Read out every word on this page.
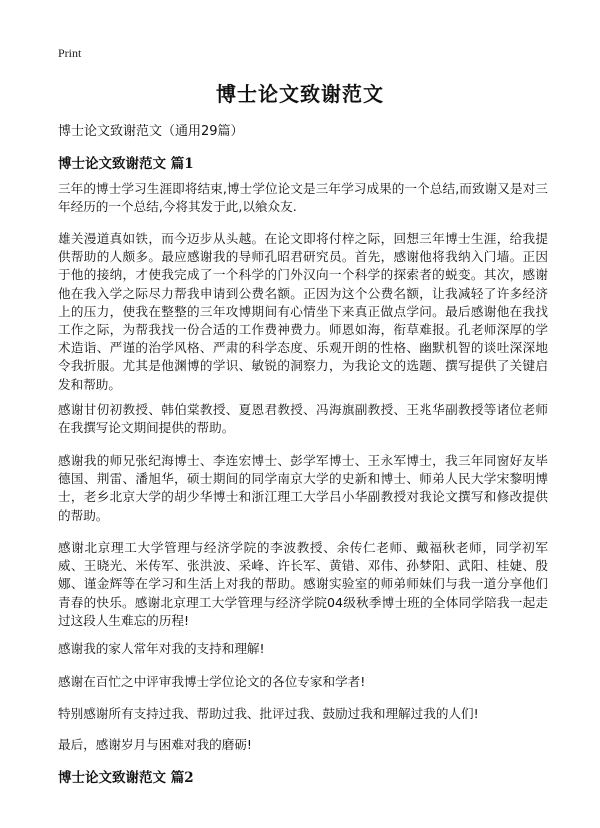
Print
博士论文致谢范文
博士论文致谢范文（通用29篇）
博士论文致谢范文 篇1
三年的博士学习生涯即将结束,博士学位论文是三年学习成果的一个总结,而致谢又是对三年经历的一个总结,今将其发于此,以飨众友.
雄关漫道真如铁，而今迈步从头越。在论文即将付梓之际，回想三年博士生涯，给我提供帮助的人颇多。最应感谢我的导师孔昭君研究员。首先，感谢他将我纳入门墙。正因于他的接纳，才使我完成了一个科学的门外汉向一个科学的探索者的蜕变。其次，感谢他在我入学之际尽力帮我申请到公费名额。正因为这个公费名额，让我减轻了许多经济上的压力，使我在整整的三年攻博期间有心情坐下来真正做点学问。最后感谢他在我找工作之际，为帮我找一份合适的工作费神费力。师恩如海，衔草难报。孔老师深厚的学术造诣、严谨的治学风格、严肃的科学态度、乐观开朗的性格、幽默机智的谈吐深深地令我折服。尤其是他渊博的学识、敏锐的洞察力，为我论文的选题、撰写提供了关键启发和帮助。
感谢甘仞初教授、韩伯棠教授、夏恩君教授、冯海旗副教授、王兆华副教授等诸位老师在我撰写论文期间提供的帮助。
感谢我的师兄张纪海博士、李连宏博士、彭学军博士、王永军博士，我三年同窗好友毕德国、荆雷、潘旭华，硕士期间的同学南京大学的史新和博士、师弟人民大学宋黎明博士，老乡北京大学的胡少华博士和浙江理工大学吕小华副教授对我论文撰写和修改提供的帮助。
感谢北京理工大学管理与经济学院的李波教授、余传仁老师、戴福秋老师，同学初军威、王晓光、米传军、张洪波、采峰、许长军、黄错、邓伟、孙梦阳、武阳、桂婕、殷娜、谨金辉等在学习和生活上对我的帮助。感谢实验室的师弟师妹们与我一道分享他们青春的快乐。感谢北京理工大学管理与经济学院04级秋季博士班的全体同学陪我一起走过这段人生难忘的历程!
感谢我的家人常年对我的支持和理解!
感谢在百忙之中评审我博士学位论文的各位专家和学者!
特别感谢所有支持过我、帮助过我、批评过我、鼓励过我和理解过我的人们!
最后，感谢岁月与困难对我的磨砺!
博士论文致谢范文 篇2
